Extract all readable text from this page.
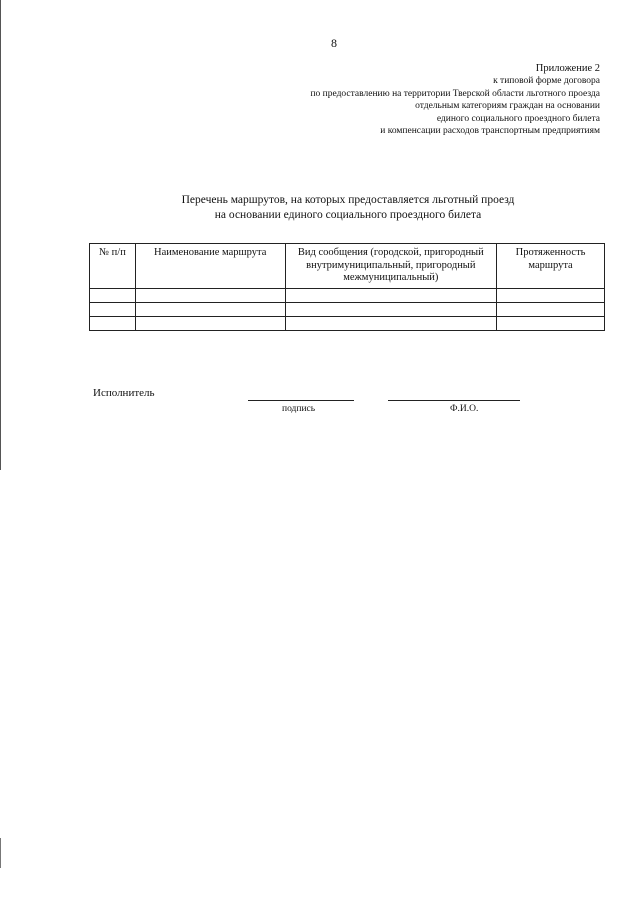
8
Приложение 2
к типовой форме договора
по предоставлению на территории Тверской области льготного проезда
отдельным категориям граждан на основании
единого социального проездного билета
и компенсации расходов транспортным предприятиям
Перечень маршрутов, на которых предоставляется льготный проезд
на основании единого социального проездного билета
№ п/п	Наименование маршрута	Вид сообщения (городской, пригородный внутримуниципальный, пригородный межмуниципальный)	Протяженность маршрута

Исполнитель
подпись	Ф.И.О.
